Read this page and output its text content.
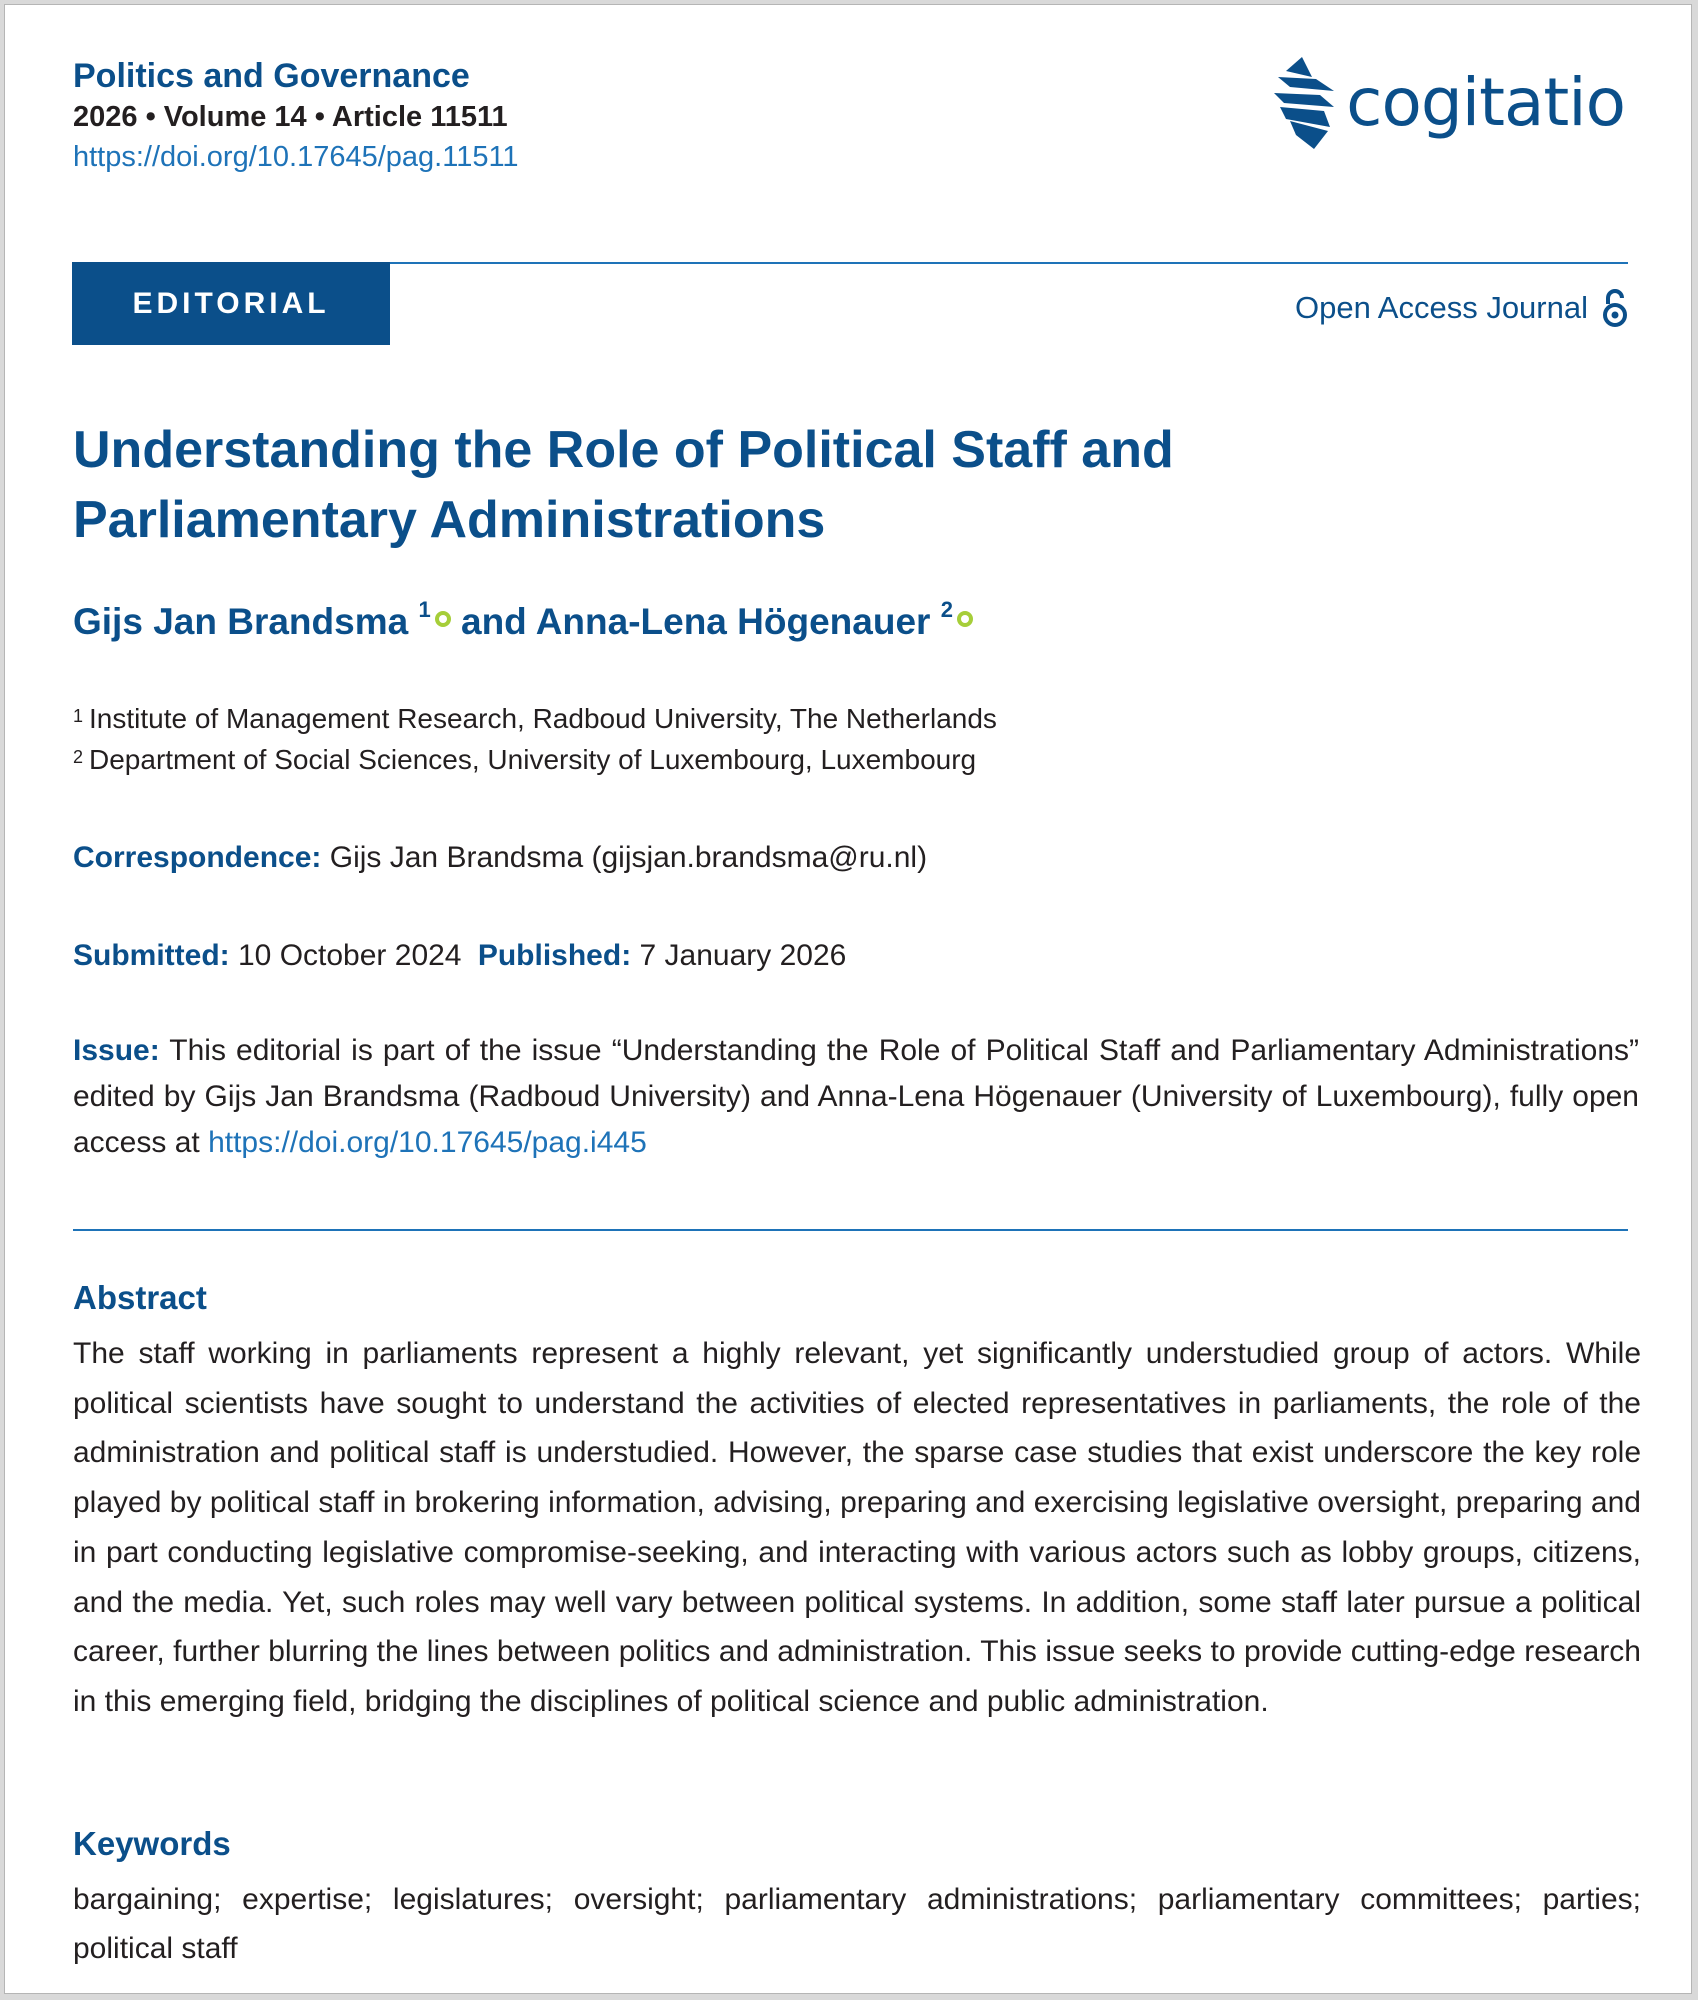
Politics and Governance
2026 • Volume 14 • Article 11511
https://doi.org/10.17645/pag.11511
cogitatio
EDITORIAL	Open Access Journal
Understanding the Role of Political Staff and
Parliamentary Administrations
Gijs Jan Brandsma $^1$ and Anna-Lena Högenauer $^2$
$^1$ Institute of Management Research, Radboud University, The Netherlands
$^2$ Department of Social Sciences, University of Luxembourg, Luxembourg
Correspondence: Gijs Jan Brandsma (gijsjan.brandsma@ru.nl)
Submitted: 10 October 2024 Published: 7 January 2026
Issue: This editorial is part of the issue “Understanding the Role of Political Staff and Parliamentary Administrations” edited by Gijs Jan Brandsma (Radboud University) and Anna-Lena Högenauer (University of Luxembourg), fully open access at https://doi.org/10.17645/pag.i445
Abstract
The staff working in parliaments represent a highly relevant, yet significantly understudied group of actors. While political scientists have sought to understand the activities of elected representatives in parliaments, the role of the administration and political staff is understudied. However, the sparse case studies that exist underscore the key role played by political staff in brokering information, advising, preparing and exercising legislative oversight, preparing and in part conducting legislative compromise-seeking, and interacting with various actors such as lobby groups, citizens, and the media. Yet, such roles may well vary between political systems. In addition, some staff later pursue a political career, further blurring the lines between politics and administration. This issue seeks to provide cutting-edge research in this emerging field, bridging the disciplines of political science and public administration.
Keywords
bargaining; expertise; legislatures; oversight; parliamentary administrations; parliamentary committees; parties; political staff
